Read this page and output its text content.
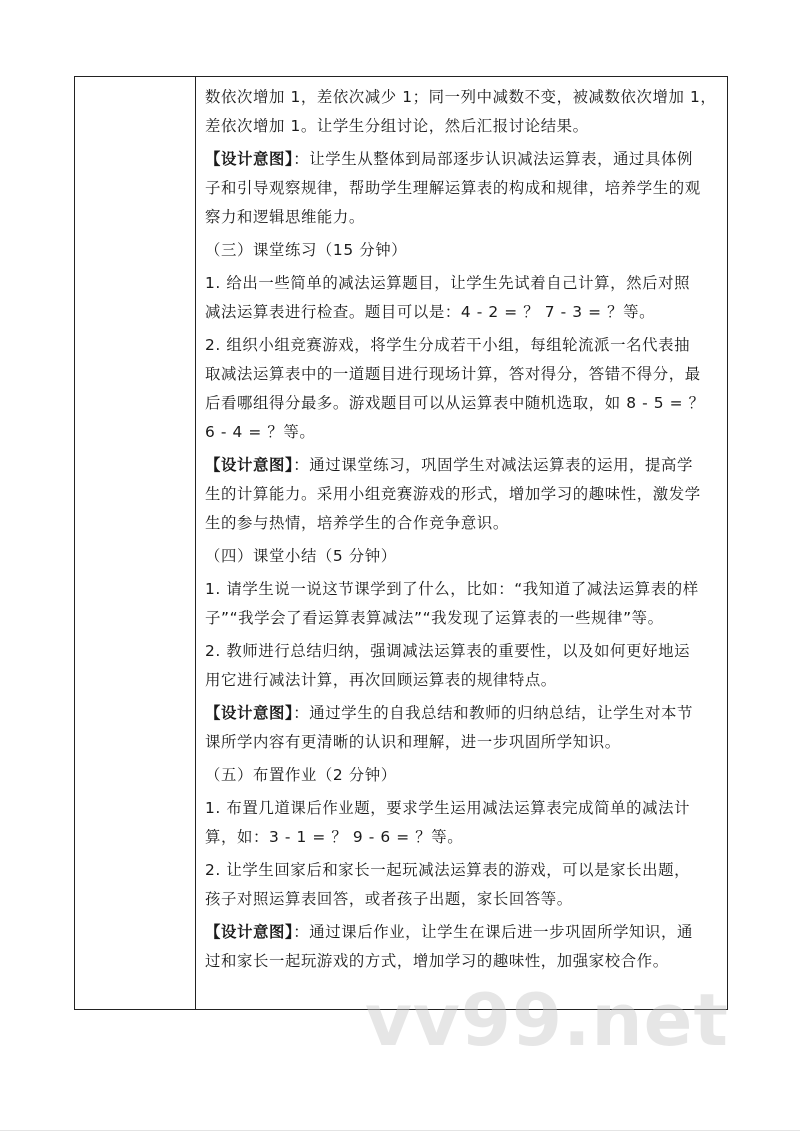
数依次增加 1，差依次减少 1；同一列中减数不变，被减数依次增加 1，
差依次增加 1。让学生分组讨论，然后汇报讨论结果。
【设计意图】：让学生从整体到局部逐步认识减法运算表，通过具体例
子和引导观察规律，帮助学生理解运算表的构成和规律，培养学生的观
察力和逻辑思维能力。
（三）课堂练习（15 分钟）
1. 给出一些简单的减法运算题目，让学生先试着自己计算，然后对照
减法运算表进行检查。题目可以是：4 - 2 = ？ 7 - 3 = ？等。
2. 组织小组竞赛游戏，将学生分成若干小组，每组轮流派一名代表抽
取减法运算表中的一道题目进行现场计算，答对得分，答错不得分，最
后看哪组得分最多。游戏题目可以从运算表中随机选取，如 8 - 5 = ？
6 - 4 = ？等。
【设计意图】：通过课堂练习，巩固学生对减法运算表的运用，提高学
生的计算能力。采用小组竞赛游戏的形式，增加学习的趣味性，激发学
生的参与热情，培养学生的合作竞争意识。
（四）课堂小结（5 分钟）
1. 请学生说一说这节课学到了什么，比如：“我知道了减法运算表的样
子”“我学会了看运算表算减法”“我发现了运算表的一些规律”等。
2. 教师进行总结归纳，强调减法运算表的重要性，以及如何更好地运
用它进行减法计算，再次回顾运算表的规律特点。
【设计意图】：通过学生的自我总结和教师的归纳总结，让学生对本节
课所学内容有更清晰的认识和理解，进一步巩固所学知识。
（五）布置作业（2 分钟）
1. 布置几道课后作业题，要求学生运用减法运算表完成简单的减法计
算，如：3 - 1 = ？ 9 - 6 = ？等。
2. 让学生回家后和家长一起玩减法运算表的游戏，可以是家长出题，
孩子对照运算表回答，或者孩子出题，家长回答等。
【设计意图】：通过课后作业，让学生在课后进一步巩固所学知识，通
过和家长一起玩游戏的方式，增加学习的趣味性，加强家校合作。
vv99.net
